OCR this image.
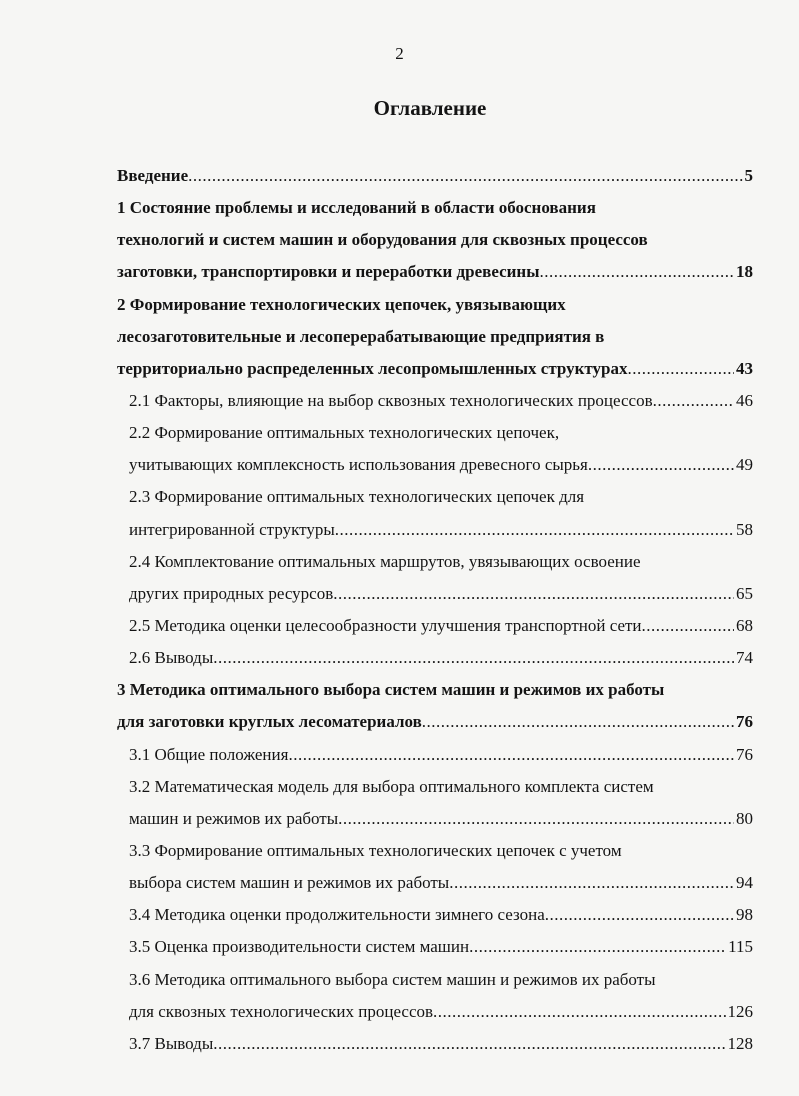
2
Оглавление
Введение .....	5
1 Состояние проблемы и исследований в области обоснования
технологий и систем машин и оборудования для сквозных процессов
заготовки, транспортировки и переработки древесины .....	18
2 Формирование технологических цепочек, увязывающих
лесозаготовительные и лесоперерабатывающие предприятия в
территориально распределенных лесопромышленных структурах .....	43
2.1 Факторы, влияющие на выбор сквозных технологических процессов .....	46
2.2 Формирование оптимальных технологических цепочек,
учитывающих комплексность использования древесного сырья .....	49
2.3 Формирование оптимальных технологических цепочек для
интегрированной структуры .....	58
2.4 Комплектование оптимальных маршрутов, увязывающих освоение
других природных ресурсов .....	65
2.5 Методика оценки целесообразности улучшения транспортной сети .....	68
2.6 Выводы .....	74
3 Методика оптимального выбора систем машин и режимов их работы
для заготовки круглых лесоматериалов .....	76
3.1 Общие положения .....	76
3.2 Математическая модель для выбора оптимального комплекта систем
машин и режимов их работы .....	80
3.3 Формирование оптимальных технологических цепочек с учетом
выбора систем машин и режимов их работы .....	94
3.4 Методика оценки продолжительности зимнего сезона .....	98
3.5 Оценка производительности систем машин .....	115
3.6 Методика оптимального выбора систем машин и режимов их работы
для сквозных технологических процессов .....	126
3.7 Выводы .....	128
